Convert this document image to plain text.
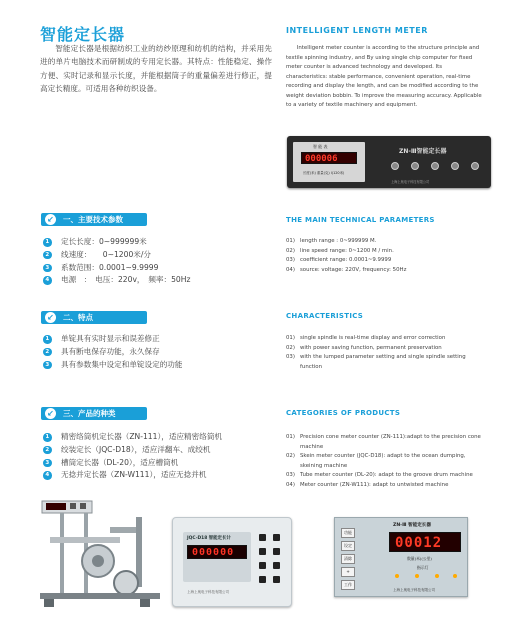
智能定长器	INTELLIGENT LENGTH METER

智能定长器是根据纺织工业的纺纱原理和纺机的结构，并采用先进的单片电脑技术而研制成的专用定长器。其特点：性能稳定、操作方便、实时记录和显示长度，并能根据筒子的重量偏差进行修正，提高定长精度。可适用各种纺织设备。

Intelligent meter counter is according to the structure principle and textile spinning industry, and By using single chip computer for fixed meter counter is advanced technology and developed. Its characteristics: stable performance, convenient operation, real-time recording and display the length, and can be modified according to the weight deviation bobbin. To improve the measuring accuracy. Applicable to a variety of textile machinery and equipment.

智 能 表
000006
长度(米) 重量(克) Ⅰ(120米)
ZN-Ⅲ智能定长器
上海上奥电子科技有限公司
↙ 一、主要技术参数	THE MAIN TECHNICAL PARAMETERS
1	定长长度：0~999999米
2	线速度：　　0~1200米/分
3	系数范围：0.0001~9.9999
4	电源　：　电压：220v，　频率：50Hz
01) length range : 0~999999 M.
02) line speed range: 0~1200 M / min.
03) coefficient range: 0.0001~9.9999
04) source: voltage: 220V, frequency: 50Hz
↙ 二、特点	CHARACTERISTICS
1	单锭具有实时显示和误差修正
2	具有断电保存功能，永久保存
3	具有参数集中设定和单锭设定的功能
01) single spindle is real-time display and error correction
02) with power saving function, permanent preservation
03) with the lumped parameter setting and single spindle setting function
↙ 三、产品的种类	CATEGORIES OF PRODUCTS
1	精密络筒机定长器（ZN-111），适应精密络筒机
2	绞装定长（JQC-D18），适应洋翻车、成绞机
3	槽筒定长器（DL-20），适应槽筒机
4	无捻并定长器（ZN-W111），适应无捻并机
01) Precision cone meter counter (ZN-111):adapt to the precision cone machine
02) Skein meter counter (JQC-D18): adapt to the ocean dumping, skeining machine
03) Tube meter counter (DL-20): adapt to the groove drum machine
04) Meter counter (ZN-W111): adapt to untwisted machine
JQC-D18 智能定长计
000000
上海上奥电子科技有限公司
ZN-Ⅲ 智能定长器
功能
设定
清除
+
工作
00012
数量(米)(公里)
指示灯
上海上奥电子科技有限公司
